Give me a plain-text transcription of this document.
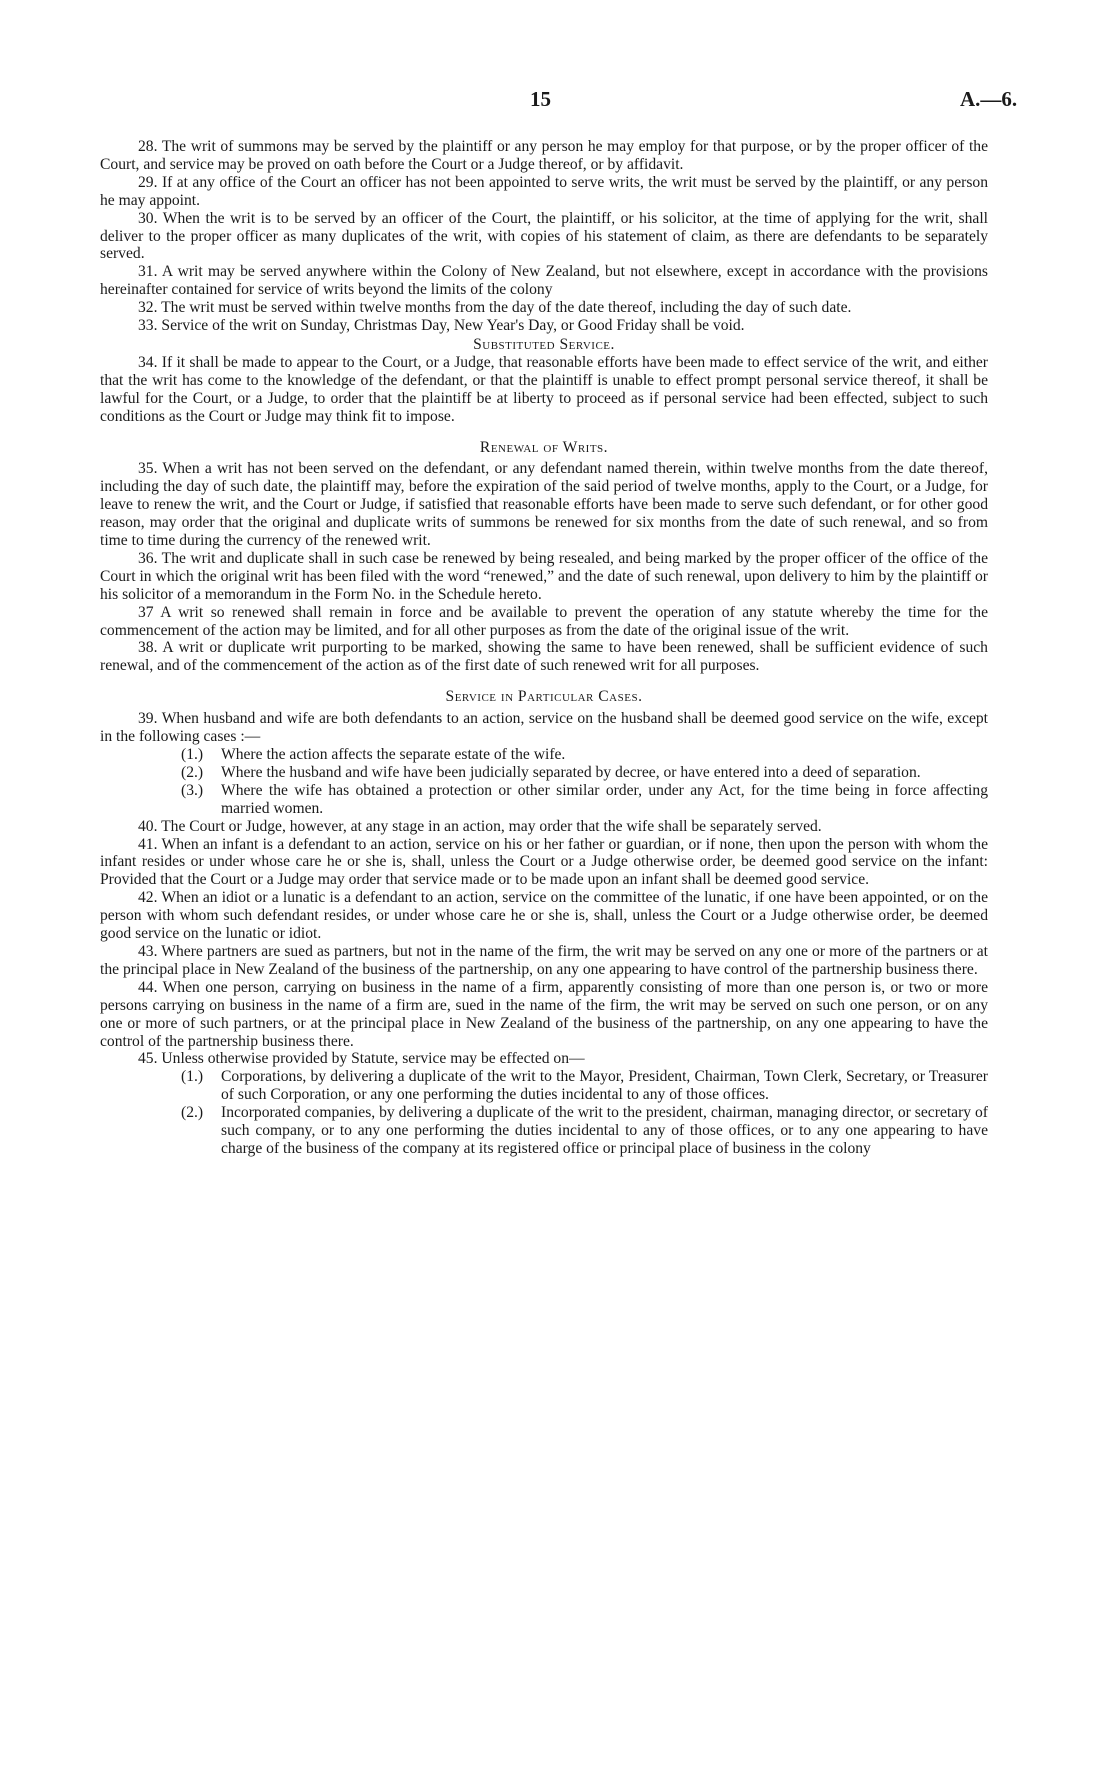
15	A.—6.

28. The writ of summons may be served by the plaintiff or any person he may employ for that purpose, or by the proper officer of the Court, and service may be proved on oath before the Court or a Judge thereof, or by affidavit.

29. If at any office of the Court an officer has not been appointed to serve writs, the writ must be served by the plaintiff, or any person he may appoint.

30. When the writ is to be served by an officer of the Court, the plaintiff, or his solicitor, at the time of applying for the writ, shall deliver to the proper officer as many duplicates of the writ, with copies of his statement of claim, as there are defendants to be separately served.

31. A writ may be served anywhere within the Colony of New Zealand, but not elsewhere, except in accordance with the provisions hereinafter contained for service of writs beyond the limits of the colony

32. The writ must be served within twelve months from the day of the date thereof, including the day of such date.

33. Service of the writ on Sunday, Christmas Day, New Year's Day, or Good Friday shall be void.

Substituted Service.

34. If it shall be made to appear to the Court, or a Judge, that reasonable efforts have been made to effect service of the writ, and either that the writ has come to the knowledge of the defendant, or that the plaintiff is unable to effect prompt personal service thereof, it shall be lawful for the Court, or a Judge, to order that the plaintiff be at liberty to proceed as if personal service had been effected, subject to such conditions as the Court or Judge may think fit to impose.

Renewal of Writs.

35. When a writ has not been served on the defendant, or any defendant named therein, within twelve months from the date thereof, including the day of such date, the plaintiff may, before the expiration of the said period of twelve months, apply to the Court, or a Judge, for leave to renew the writ, and the Court or Judge, if satisfied that reasonable efforts have been made to serve such defendant, or for other good reason, may order that the original and duplicate writs of summons be renewed for six months from the date of such renewal, and so from time to time during the currency of the renewed writ.

36. The writ and duplicate shall in such case be renewed by being resealed, and being marked by the proper officer of the office of the Court in which the original writ has been filed with the word “renewed,” and the date of such renewal, upon delivery to him by the plaintiff or his solicitor of a memorandum in the Form No. in the Schedule hereto.

37 A writ so renewed shall remain in force and be available to prevent the operation of any statute whereby the time for the commencement of the action may be limited, and for all other purposes as from the date of the original issue of the writ.

38. A writ or duplicate writ purporting to be marked, showing the same to have been renewed, shall be sufficient evidence of such renewal, and of the commencement of the action as of the first date of such renewed writ for all purposes.

Service in Particular Cases.

39. When husband and wife are both defendants to an action, service on the husband shall be deemed good service on the wife, except in the following cases :—

(1.)	Where the action affects the separate estate of the wife.
(2.)	Where the husband and wife have been judicially separated by decree, or have entered into a deed of separation.
(3.)	Where the wife has obtained a protection or other similar order, under any Act, for the time being in force affecting married women.

40. The Court or Judge, however, at any stage in an action, may order that the wife shall be separately served.

41. When an infant is a defendant to an action, service on his or her father or guardian, or if none, then upon the person with whom the infant resides or under whose care he or she is, shall, unless the Court or a Judge otherwise order, be deemed good service on the infant: Provided that the Court or a Judge may order that service made or to be made upon an infant shall be deemed good service.

42. When an idiot or a lunatic is a defendant to an action, service on the committee of the lunatic, if one have been appointed, or on the person with whom such defendant resides, or under whose care he or she is, shall, unless the Court or a Judge otherwise order, be deemed good service on the lunatic or idiot.

43. Where partners are sued as partners, but not in the name of the firm, the writ may be served on any one or more of the partners or at the principal place in New Zealand of the business of the partnership, on any one appearing to have control of the partnership business there.

44. When one person, carrying on business in the name of a firm, apparently consisting of more than one person is, or two or more persons carrying on business in the name of a firm are, sued in the name of the firm, the writ may be served on such one person, or on any one or more of such partners, or at the principal place in New Zealand of the business of the partnership, on any one appearing to have the control of the partnership business there.

45. Unless otherwise provided by Statute, service may be effected on—

(1.)	Corporations, by delivering a duplicate of the writ to the Mayor, President, Chairman, Town Clerk, Secretary, or Treasurer of such Corporation, or any one performing the duties incidental to any of those offices.
(2.)	Incorporated companies, by delivering a duplicate of the writ to the president, chairman, managing director, or secretary of such company, or to any one performing the duties incidental to any of those offices, or to any one appearing to have charge of the business of the company at its registered office or principal place of business in the colony
